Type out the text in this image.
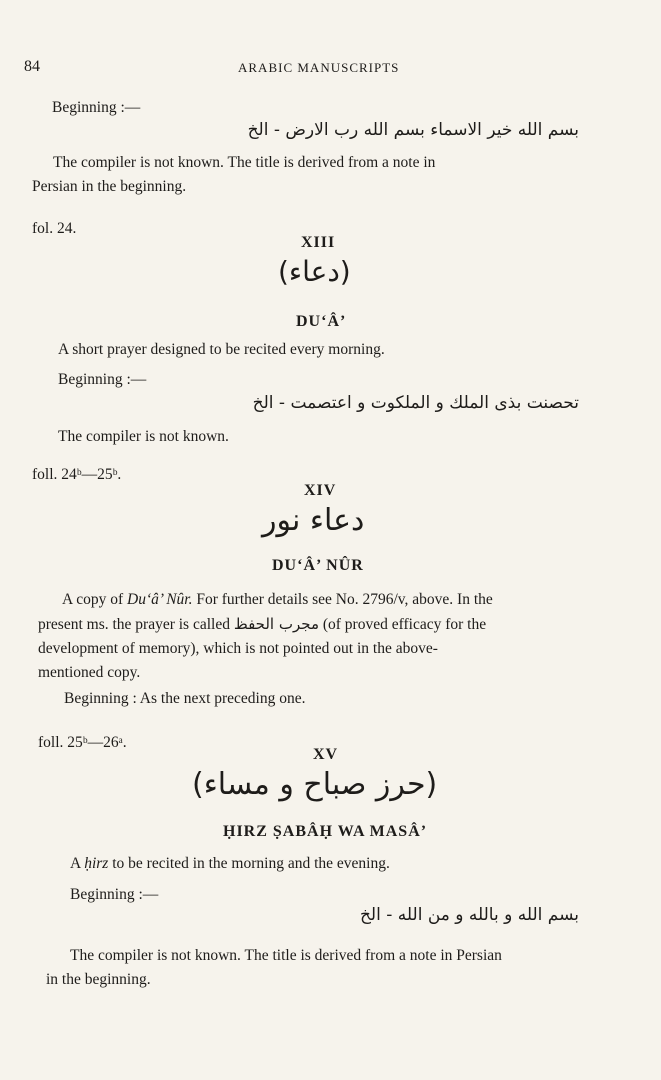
84	ARABIC MANUSCRIPTS
Beginning :—
بسم الله خیر الاسماء بسم الله رب الارض - الخ
The compiler is not known. The title is derived from a note in
Persian in the beginning.
fol. 24.
XIII
(دعاء)
DU‘Â’
A short prayer designed to be recited every morning.
Beginning :—
تحصنت بذی الملك و الملكوت و اعتصمت - الخ
The compiler is not known.
foll. 24ᵇ—25ᵇ.
XIV
دعاء نور
DU‘Â’ NÛR
A copy of Du‘â’ Nûr. For further details see No. 2796/v, above. In the
present ms. the prayer is called مجرب الحفظ (of proved efficacy for the
development of memory), which is not pointed out in the above-
mentioned copy.
Beginning : As the next preceding one.
foll. 25ᵇ—26ᵃ.
XV
(حرز صباح و مساء)
ḤIRZ ṢABÂḤ WA MASÂ’
A ḥirz to be recited in the morning and the evening.
Beginning :—
بسم الله و بالله و من الله - الخ
The compiler is not known. The title is derived from a note in Persian
in the beginning.
